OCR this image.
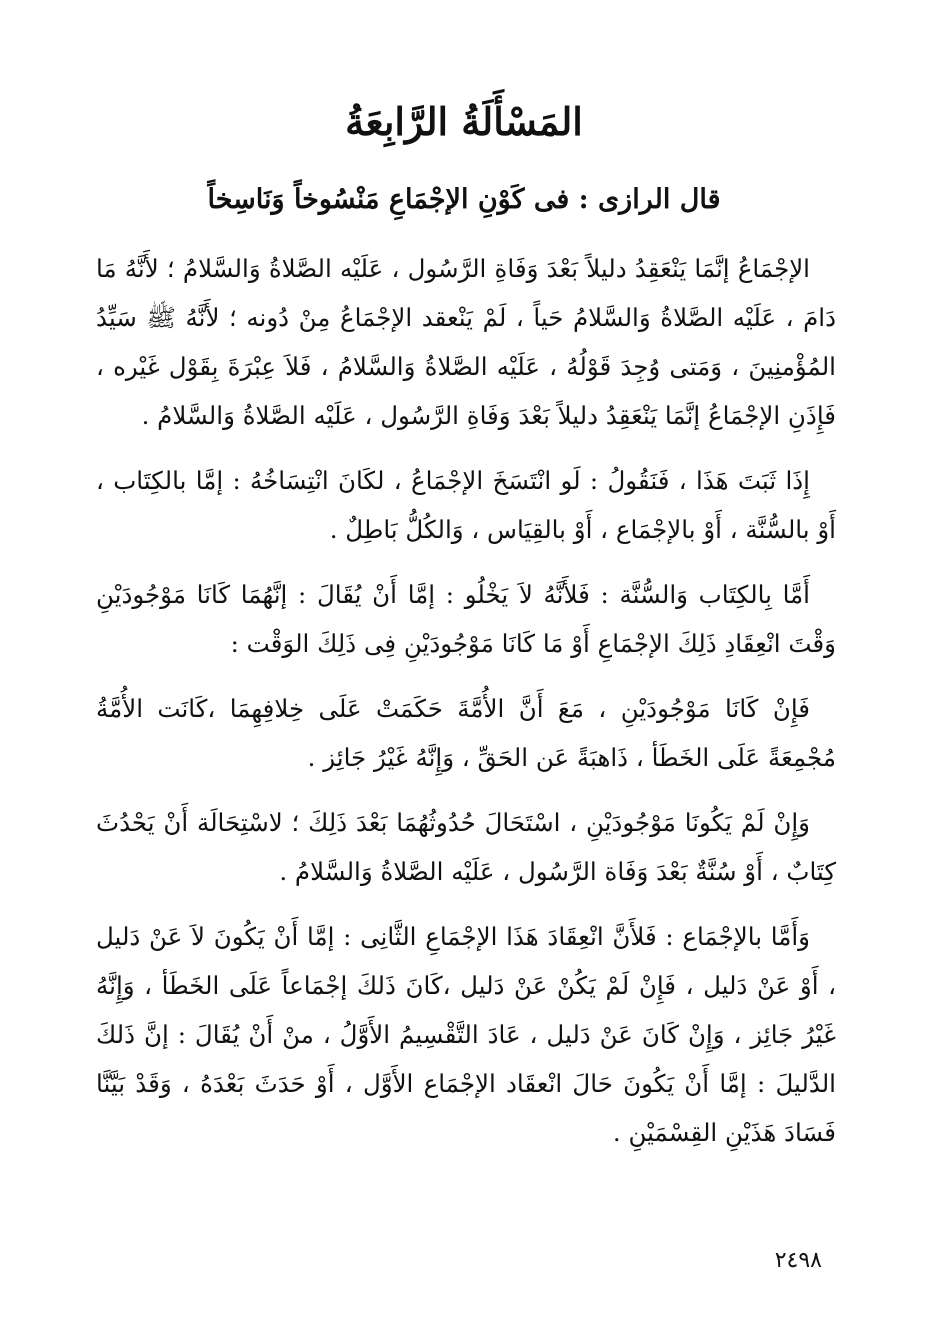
المَسْأَلَةُ الرَّابِعَةُ
قال الرازى : فى كَوْنِ الإجْمَاعِ مَنْسُوخاً وَنَاسِخاً

الإجْمَاعُ إنَّمَا يَنْعَقِدُ دليلاً بَعْدَ وَفَاةِ الرَّسُول ، عَلَيْه الصَّلاةُ وَالسَّلامُ ؛ لأَنَّهُ مَا دَامَ ، عَلَيْه الصَّلاةُ وَالسَّلامُ حَياً ، لَمْ يَنْعقد الإجْمَاعُ مِنْ دُونه ؛ لأَنَّهُ ﷺ سَيِّدُ المُؤْمنِينَ ، وَمَتى وُجِدَ قَوْلُهُ ، عَلَيْه الصَّلاةُ وَالسَّلامُ ، فَلاَ عِبْرَةَ بِقَوْل غَيْره ، فَإِذَنِ الإجْمَاعُ إنَّمَا يَنْعَقِدُ دليلاً بَعْدَ وَفَاةِ الرَّسُول ، عَلَيْه الصَّلاةُ وَالسَّلامُ .

إِذَا ثَبَتَ هَذَا ، فَنَقُولُ : لَو انْتَسَخَ الإجْمَاعُ ، لكَانَ انْتِسَاخُهُ : إمَّا بالكِتَاب ، أَوْ بالسُّنَّة ، أَوْ بالإجْمَاع ، أَوْ بالقِيَاس ، وَالكُلُّ بَاطِلٌ .

أَمَّا بِالكِتَاب وَالسُّنَّة : فَلأَنَّهُ لاَ يَخْلُو : إمَّا أَنْ يُقَالَ : إنَّهُمَا كَانَا مَوْجُودَيْنِ وَقْتَ انْعِقَادِ ذَلِكَ الإجْمَاعِ أَوْ مَا كَانَا مَوْجُودَيْنِ فِى ذَلِكَ الوَقْت :

فَإِنْ كَانَا مَوْجُودَيْنِ ، مَعَ أَنَّ الأُمَّةَ حَكَمَتْ عَلَى خِلافِهِمَا ،كَانَت الأُمَّةُ مُجْمِعَةً عَلَى الخَطَأ ، ذَاهبَةً عَن الحَقِّ ، وَإِنَّهُ غَيْرُ جَائِز .

وَإِنْ لَمْ يَكُونَا مَوْجُودَيْنِ ، اسْتَحَالَ حُدُوثُهُمَا بَعْدَ ذَلِكَ ؛ لاسْتِحَالَة أَنْ يَحْدُثَ كِتَابٌ ، أَوْ سُنَّةٌ بَعْدَ وَفَاة الرَّسُول ، عَلَيْه الصَّلاةُ وَالسَّلامُ .

وَأَمَّا بالإجْمَاع : فَلأَنَّ انْعِقَادَ هَذَا الإجْمَاعِ الثَّانِى : إمَّا أَنْ يَكُونَ لاَ عَنْ دَليل ، أَوْ عَنْ دَليل ، فَإِنْ لَمْ يَكُنْ عَنْ دَليل ،كَانَ ذَلكَ إجْمَاعاً عَلَى الخَطَأ ، وَإِنَّهُ غَيْرُ جَائِز ، وَإِنْ كَانَ عَنْ دَليل ، عَادَ التَّقْسِيمُ الأَوَّلُ ، منْ أَنْ يُقَالَ : إنَّ ذَلكَ الدَّليلَ : إمَّا أَنْ يَكُونَ حَالَ انْعقَاد الإجْمَاع الأَوَّل ، أَوْ حَدَثَ بَعْدَهُ ، وَقَدْ بَيَّنَّا فَسَادَ هَذَيْنِ القِسْمَيْنِ .

٢٤٩٨
